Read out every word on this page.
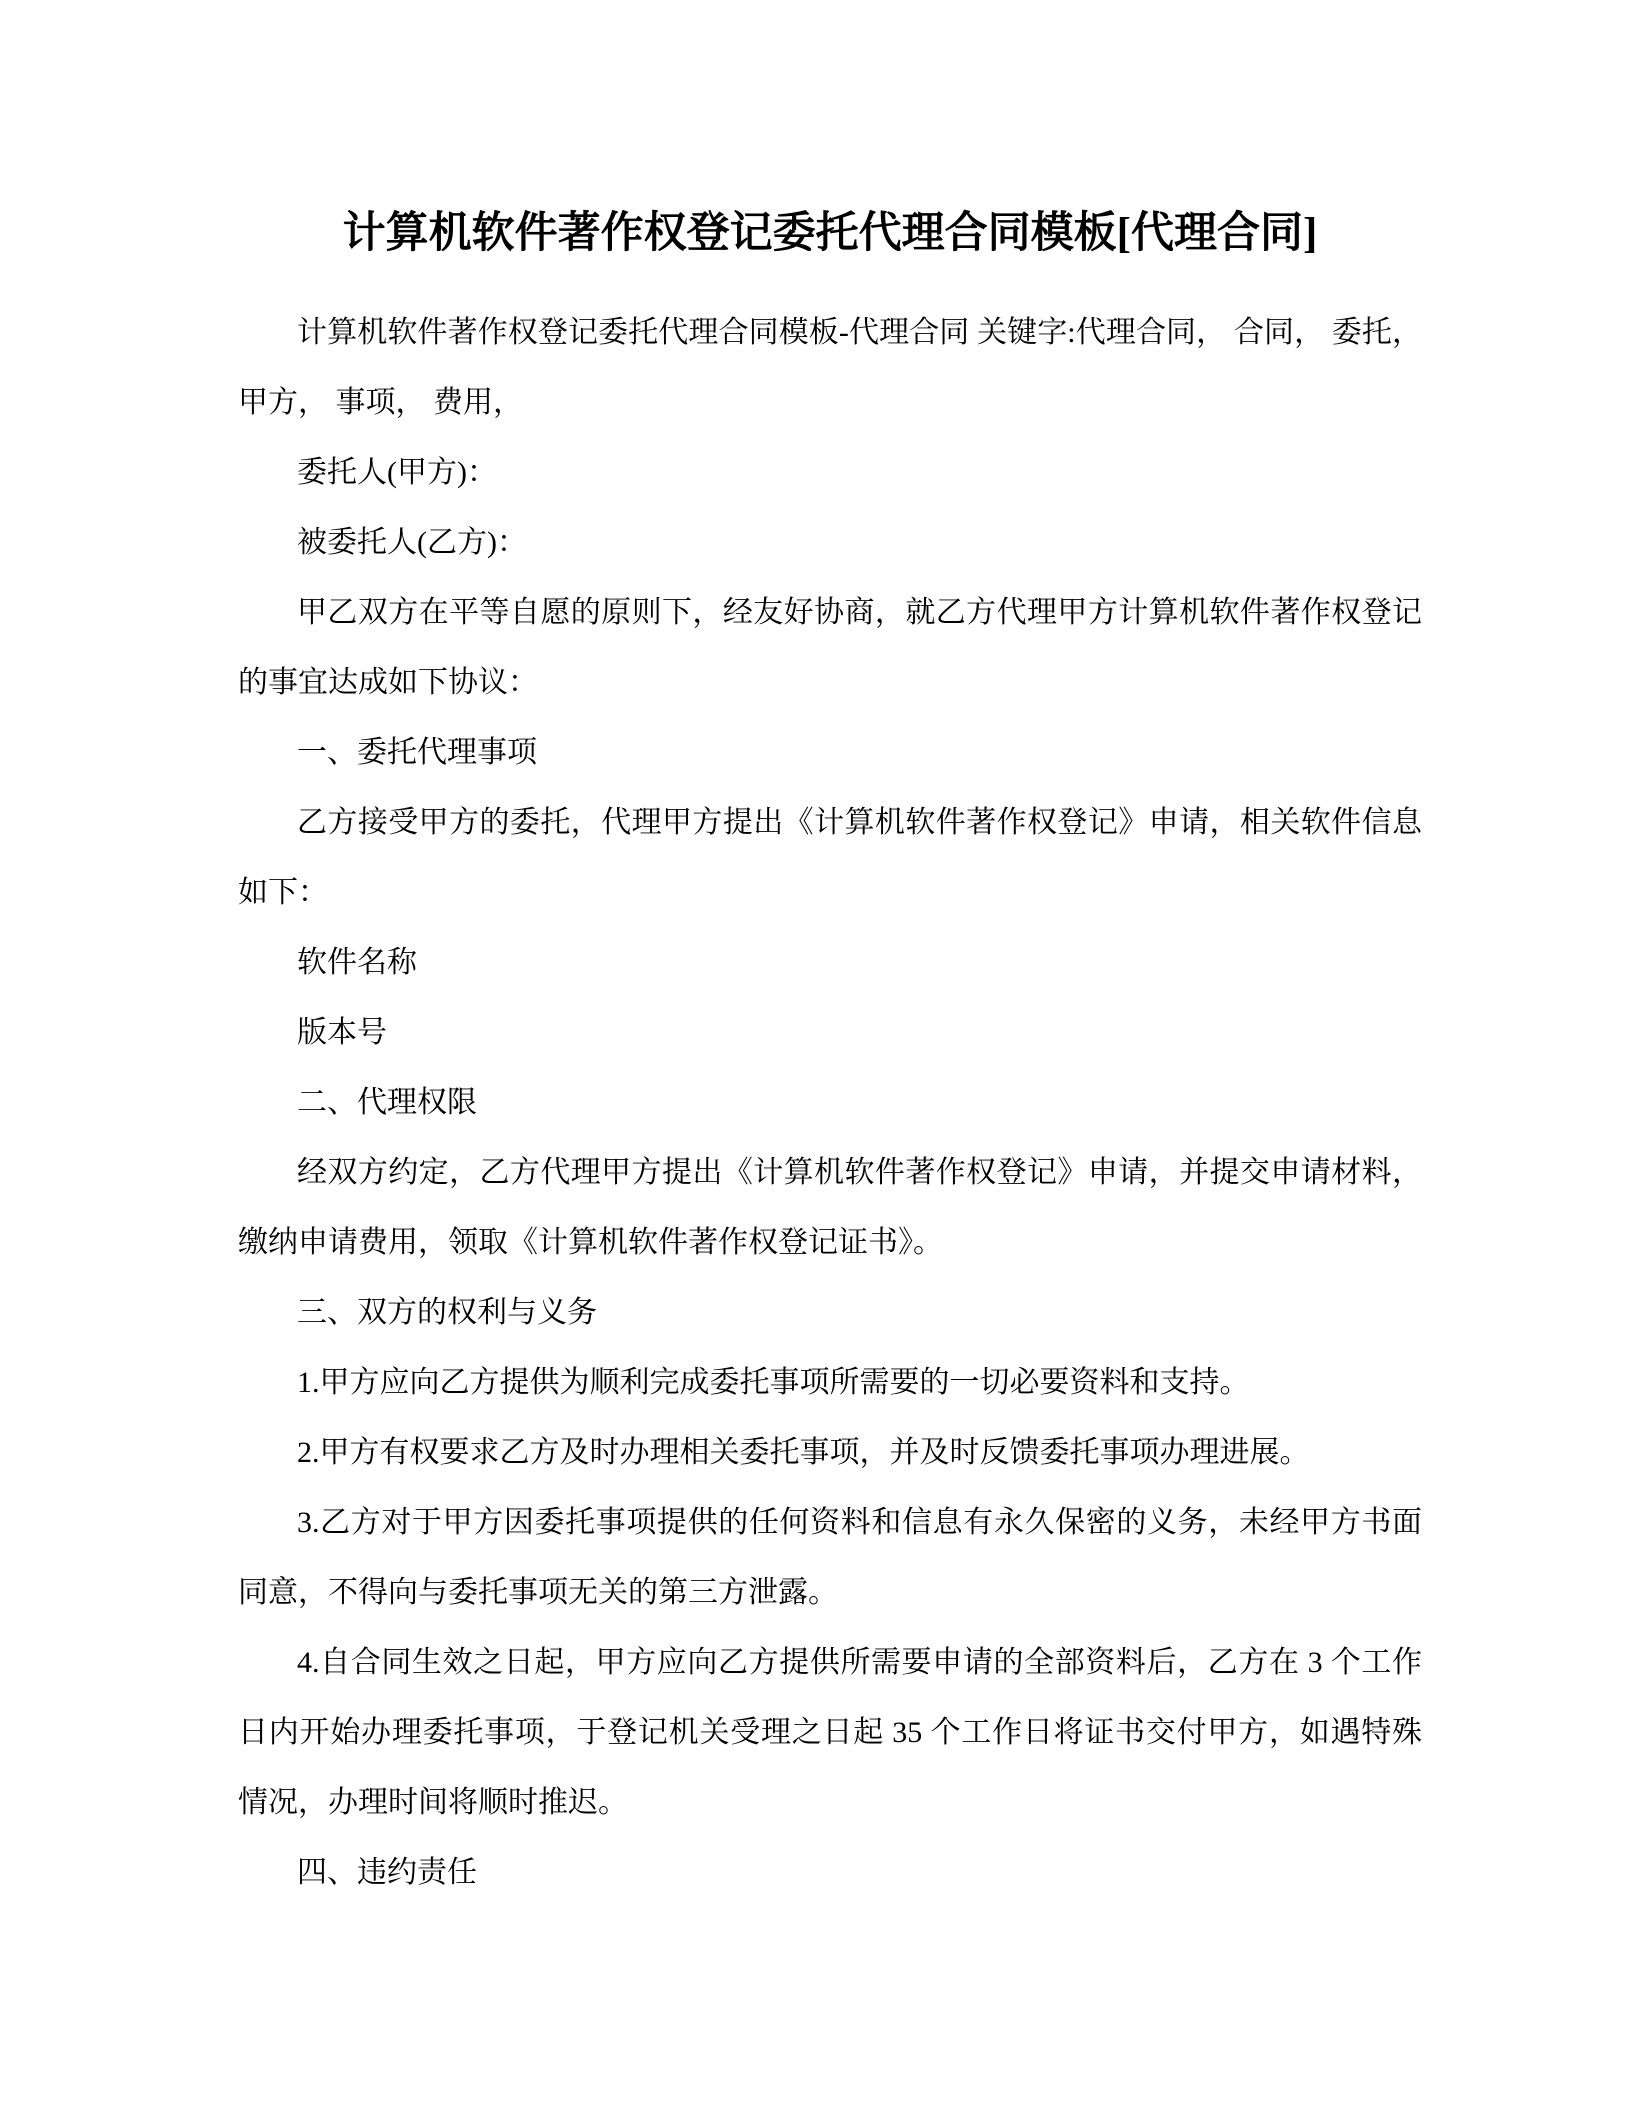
计算机软件著作权登记委托代理合同模板[代理合同]

计算机软件著作权登记委托代理合同模板-代理合同 关键字:代理合同， 合同， 委托， 甲方， 事项， 费用，

委托人(甲方)：

被委托人(乙方)：

甲乙双方在平等自愿的原则下，经友好协商，就乙方代理甲方计算机软件著作权登记的事宜达成如下协议：

一、委托代理事项

乙方接受甲方的委托，代理甲方提出《计算机软件著作权登记》申请，相关软件信息如下：

软件名称

版本号

二、代理权限

经双方约定，乙方代理甲方提出《计算机软件著作权登记》申请，并提交申请材料，缴纳申请费用，领取《计算机软件著作权登记证书》。

三、双方的权利与义务

1.甲方应向乙方提供为顺利完成委托事项所需要的一切必要资料和支持。

2.甲方有权要求乙方及时办理相关委托事项，并及时反馈委托事项办理进展。

3.乙方对于甲方因委托事项提供的任何资料和信息有永久保密的义务，未经甲方书面同意，不得向与委托事项无关的第三方泄露。

4.自合同生效之日起，甲方应向乙方提供所需要申请的全部资料后，乙方在 3 个工作日内开始办理委托事项，于登记机关受理之日起 35 个工作日将证书交付甲方，如遇特殊情况，办理时间将顺时推迟。

四、违约责任
